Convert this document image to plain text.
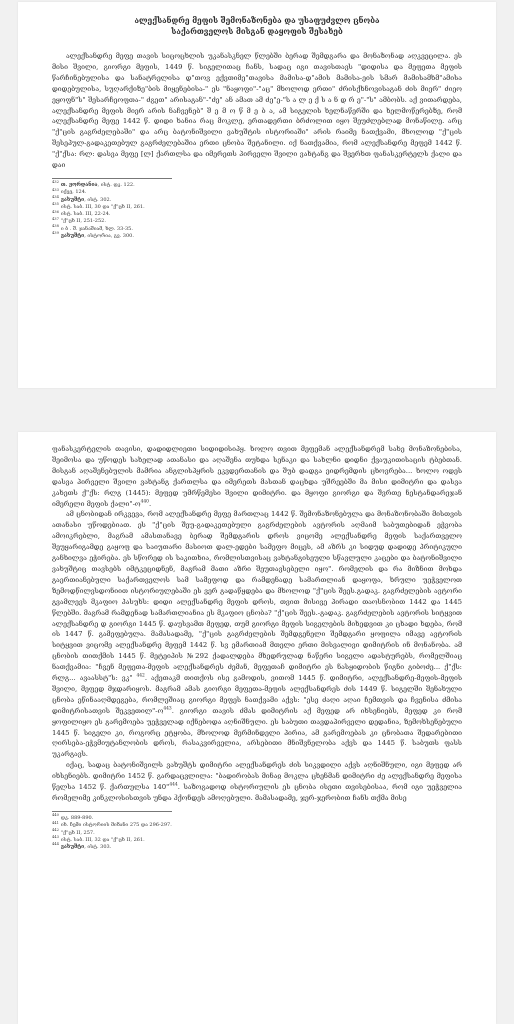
ალექსანდრე მეფის შემონაზონება და უსაფუძვლო ცნობა საქართველოს მისგან დაყოფის შესახებ

ალექსანდრე მეფე თავის სიცოცხლის უკანასკნელ წლებში ბერად შემდგარა და მონაზონად აღკვეცილა. ეს მისი შვილი, გიორგი მეფის, 1449 წ. სიგელითაც ჩანს, სადაც იგი თავისთავს "დიდისა და მეფეთა მეფის წარჩინებულისა და სანატრელისა დ"თოვ ექვთიმე"თავისა მამისა-დ"ამის მამისა-ეის სმარ მამისამხმ"ამისა დიდებულისა, სუღარქიზე"ბის მიყენებისა-" ეს "ნაყოფი"-"აც" მხოლოდ ერთი" ძრისქხნოვისაგან ძის მიერ" ძიეო ეყოფნ"ს" შესარჩეოფთა-" ძგეთ" არისაგან"-"ძე" ან ამათ ამ ძე"ე-"ს ა ლ ე ქ ს ა ნ დ რ ე"-"ს" ამბობს. აქ ვითარდება, ალექსანდრე მეფის მიერ არის ნაჩვენებ" შ ე მ ო წ მ ე ბ ა, ამ სიგელის ხელნაწერში და ხელმოწერებზე, რომ ალექსანდრე მეფე 1442 წ. დიდი ხანია რაც მოკლე, ერთადერთი ბრძოლით იყო შეუძლებლად მონაწილე. არც "ქ"ცის გაგრძელებაში" და არც ბატონიშვილი ვახუშტის ისტორიაში" არის რაიმე ნათქვამი, მხოლოდ "ქ"ცის შესეპულ-გადაკეთებულ გაგრძელებაშია ერთი ცნობა შეტანილი. იქ ნათქვამია, რომ ალექსანდრე მეფემ 1442 წ. "ქ"ქსა: რლ: დასვა მეფე [ლ] ქართლსა და იმერეთს პირველი შვილი ვახტანგ და შვერხთ ფანასკერტელს ქალი და დაი

$^{432}$ თ. ჟორდანია, ისტ. დკ. 122.
$^{433}$ იქვე, 124.
$^{434}$ ვახუშტი, ისტ. 302.
$^{435}$ ისტ. საბ. III, 30 და "ქ"ცხ II, 261.
$^{436}$ ისტ. საბ. III, 22-24.
$^{437}$ "ქ"ცხ II, 251-252.
$^{438}$ ი ბ . შ. ჯანაშიამ, ხლ. 33-35.
$^{439}$ ვახუშტი, ისტორია, გვ. 300.

ფანასკერტელის თავისი, დადიდლიეთი სიდიდისიპყ. ხოლო თვით მეფემან ალექსანდრემ სახე მონაზონებისა, შეიმოსა და უწოდეს სახელად ათანასი და აღაშენა თუხდა სენაკი და სახლნი დიდნი ქვაუკითისაცის ტბებთან. მისგან აღაშენებულის მამრია ანგლისპყრის ეკვდერთანის და შუბ დადგა ეიდრემდის ცხოვრება... ხოლო ოდეს დასვა პირველი შვილი ვახტანგ ქართლსა და იმერეთს მასთან დაცხდა უშრეებში მა მისი დიმიტრი და დასვა კახეთს ქ"ქს: რლგ (1445): მეფედ უმრწემესი შვილი დიმიტრი. და მყოფი გიორგი და შვრთე ნესტანდარეჯან იმერელი მეფის ქალი"-ო$^{440}$.

ამ ცნობიდან ირკვევა, რომ ალექსანდრე მეფე მართლაც 1442 წ. შემონაზონებულა და მონაზონობაში მისთვის ათანასი უწოდებიათ. ეს "ქ"ცის შეუ-გადაკეთებული გაგრძელების ავტორის აღმაიმ საბუთებიდან ეჭვობა ამოიკრებლი, მაგრამ ამასთანავე ბერად შემდგარის დროს ვიცომე ალექსანდრე მეფის საქართველო შეუყარიგამდე გაყოფ და საიუთარი მასიოთ დალ-ედები სამეფო მიცეს, ამ აზრს კი სიდუდ დადიდე პრიტიკული განხილვა ეჭირება. ეს სწორედ ის საკითხია, რომლისთვისაც ვახტანგისეული სწავლული კაცები და ბატონიშვილი ვახუშტიც თავსებს იმტკეციდნენ, მაგრამ მათი აზრი შეუთავსებელი იყო". რომელის და რა მიზნით მოხდა გაერთიანებული საქართველოს სამ სამეფოდ და რამდენადე სამართლიან დაყოფა, ხრული უეჭველოთ ზემოდწილვსდონიით ისტორიულებაში ეს ვერ გადაწყდება და მხოლოდ "ქ"ცის შეეს.გადაკ. გაგრძელების ავტორი გვამლევს მკაფიო პასუხს: დიდი ალექსანდრე მეფის დროს, თვით მისივე პირადი თაოსნობით 1442 და 1445 წლებში. მაგრამ რამდენად სამართლიანია ეს მკაფიო ცნობა? "ქ"ცის შეეს.-გადაკ. გაგრძელების ავტორის სიტყვით ალექსანდრე დ გიორგი 1445 წ. დაუსვამთ მეფედ, თუმ გიორგი მეფის სიგელების მიხედვით კი ცხადი ხდება, რომ ის 1447 წ. გამეფებულა. მამასადამე, "ქ"ცის გაგრძელების შემდგენელი შემდგარი ყოფილა იმავე ავტორის სიტყვით ვიცომე ალექსანდრე მეფემ 1442 წ. სვ ემართიამ მთელი ერთი მისვალივი დიმიტრის ინ მონანობა. ამ ცნობის თითქმის 1445 წ. მეტეიპის №292 ქადალდება მხედრულად ნაწერი სიგელი ადასტურებს, რომელშიაც ნათქვამია: "ჩვენ მეფეთა-მეფის ალექსანდრეს ძემან, მეფეთაჩ დიმიტრი ეს ნასყიდობის წიგნი გიბოძე... ქ"ქს: რლგ... ავაასსტ"ს: ვკ" $^{442}$. აქეთაკმ თითქოს ისე გამოდის, ვითომ 1445 წ. დიმიტრი, ალექსანდრე-მეფის-მეფის შვილი, მეფედ მჯდარიყოს. მაგრამ ამას გიორგი მეფეთა-მეფის ალექსანდრეს ძის 1449 წ. სიგელში შენახული ცნობა ეწინააღმდეგება, რომლეშიაც გიორგი მეფეს ნათქვამი აქვს: "ესე ძაღი აღაი ჩემთვის და ჩვენისა ძმისა დიმიტრისათვის შეკვეთილ"-ო$^{443}$. გიორგი თავის ძმას დიმიტრის აქ მეფედ არ იხსენიებს, მეფედ კი რომ ყოფილიყო ეს გარემოება უეჭველად იქნებოდა აღნიშნული. ეს საბუთი თავდაპირველი დედანია, ზემოხსენებული 1445 წ. სიგელი კი, როგორც ეტყობა, მხოლოდ მერმინდელი პირია, ამ გარემოებას კი ცნობათა შედარებითი ღირსება-ეჭვმიუტანლობის დროს, რასაკვირველია, არსებითი მნიშვნელობა აქვს და 1445 წ. საბუთს ფასს უკარგავს.

იქაც, სადაც ბატონიშვილს ვახუშტს დიმიტრი ალექსანდრეს ძის სიკვდილი აქვს აღნიშნული, იგი მეფედ არ იხსენიებს. დიმიტრი 1452 წ. გარდაცვლილა: "ბადირობას მინაჲ მოკლა ცხენმან დიმიტრი ძე ალექსანდრე მეფისა წელსა 1452 წ. ქართულსა 140"$^{444}$. საზოგადოდ ისტორიულის ეს ცნობა ისეთი თვისებისაა, რომ იგი უეჭველია რომელიმე კინკლოსისთვის უნდა ჰქონდეს ამოღებული. მამასადამე, ჯერ-ჯერობით ჩანს თქმა მისე

$^{440}$ დკ. 889-890.
$^{441}$ იხ. ჩემი ისტორიის მიზანი 275 და 296-297.
$^{442}$ "ქ"ცხ II, 257.
$^{443}$ ისტ. საბ. III, 32 და "ქ"ცხ II, 261.
$^{444}$ ვახუშტი, ისტ. 303.
